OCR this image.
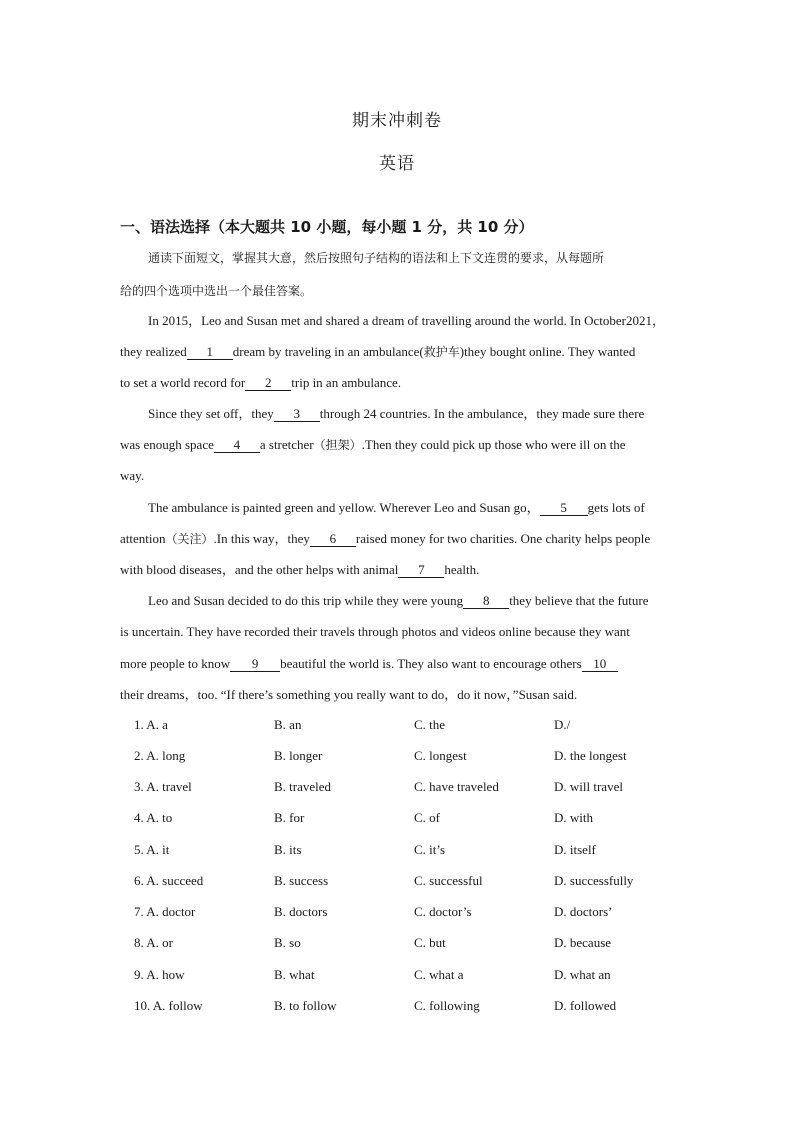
期末冲刺卷
英语
一、语法选择（本大题共 10 小题，每小题 1 分，共 10 分）
通读下面短文，掌握其大意，然后按照句子结构的语法和上下文连贯的要求，从每题所
给的四个选项中选出一个最佳答案。
In 2015，Leo and Susan met and shared a dream of travelling around the world. In October2021，
they realized 1 dream by traveling in an ambulance(救护车)they bought online. They wanted
to set a world record for 2 trip in an ambulance.
Since they set off，they 3 through 24 countries. In the ambulance，they made sure there
was enough space 4 a stretcher（担架）.Then they could pick up those who were ill on the
way.
The ambulance is painted green and yellow. Wherever Leo and Susan go， 5 gets lots of
attention（关注）.In this way，they 6 raised money for two charities. One charity helps people
with blood diseases，and the other helps with animal 7 health.
Leo and Susan decided to do this trip while they were young 8 they believe that the future
is uncertain. They have recorded their travels through photos and videos online because they want
more people to know 9 beautiful the world is. They also want to encourage others 10
their dreams，too. “If there’s something you really want to do，do it now，”Susan said.
1. A. a	B. an	C. the	D./
2. A. long	B. longer	C. longest	D. the longest
3. A. travel	B. traveled	C. have traveled	D. will travel
4. A. to	B. for	C. of	D. with
5. A. it	B. its	C. it’s	D. itself
6. A. succeed	B. success	C. successful	D. successfully
7. A. doctor	B. doctors	C. doctor’s	D. doctors’
8. A. or	B. so	C. but	D. because
9. A. how	B. what	C. what a	D. what an
10. A. follow	B. to follow	C. following	D. followed
